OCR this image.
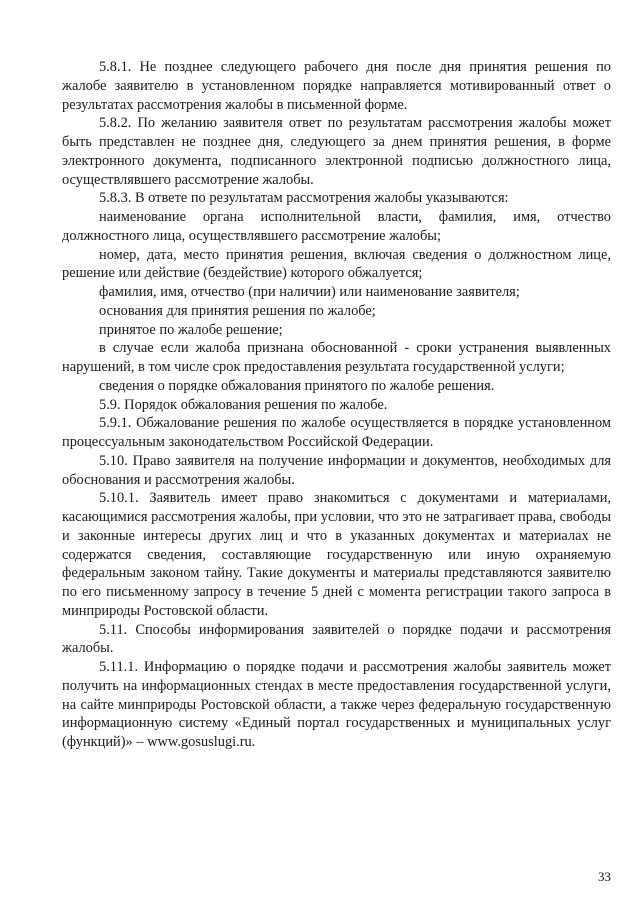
5.8.1. Не позднее следующего рабочего дня после дня принятия решения по жалобе заявителю в установленном порядке направляется мотивированный ответ о результатах рассмотрения жалобы в письменной форме.

5.8.2. По желанию заявителя ответ по результатам рассмотрения жалобы может быть представлен не позднее дня, следующего за днем принятия решения, в форме электронного документа, подписанного электронной подписью должностного лица, осуществлявшего рассмотрение жалобы.

5.8.3. В ответе по результатам рассмотрения жалобы указываются:

наименование органа исполнительной власти, фамилия, имя, отчество должностного лица, осуществлявшего рассмотрение жалобы;

номер, дата, место принятия решения, включая сведения о должностном лице, решение или действие (бездействие) которого обжалуется;

фамилия, имя, отчество (при наличии) или наименование заявителя;

основания для принятия решения по жалобе;

принятое по жалобе решение;

в случае если жалоба признана обоснованной - сроки устранения выявленных нарушений, в том числе срок предоставления результата государственной услуги;

сведения о порядке обжалования принятого по жалобе решения.

5.9. Порядок обжалования решения по жалобе.

5.9.1. Обжалование решения по жалобе осуществляется в порядке установленном процессуальным законодательством Российской Федерации.

5.10. Право заявителя на получение информации и документов, необходимых для обоснования и рассмотрения жалобы.

5.10.1. Заявитель имеет право знакомиться с документами и материалами, касающимися рассмотрения жалобы, при условии, что это не затрагивает права, свободы и законные интересы других лиц и что в указанных документах и материалах не содержатся сведения, составляющие государственную или иную охраняемую федеральным законом тайну. Такие документы и материалы представляются заявителю по его письменному запросу в течение 5 дней с момента регистрации такого запроса в минприроды Ростовской области.

5.11. Способы информирования заявителей о порядке подачи и рассмотрения жалобы.

5.11.1. Информацию о порядке подачи и рассмотрения жалобы заявитель может получить на информационных стендах в месте предоставления государственной услуги, на сайте минприроды Ростовской области, а также через федеральную государственную информационную систему «Единый портал государственных и муниципальных услуг (функций)» – www.gosuslugi.ru.

33
